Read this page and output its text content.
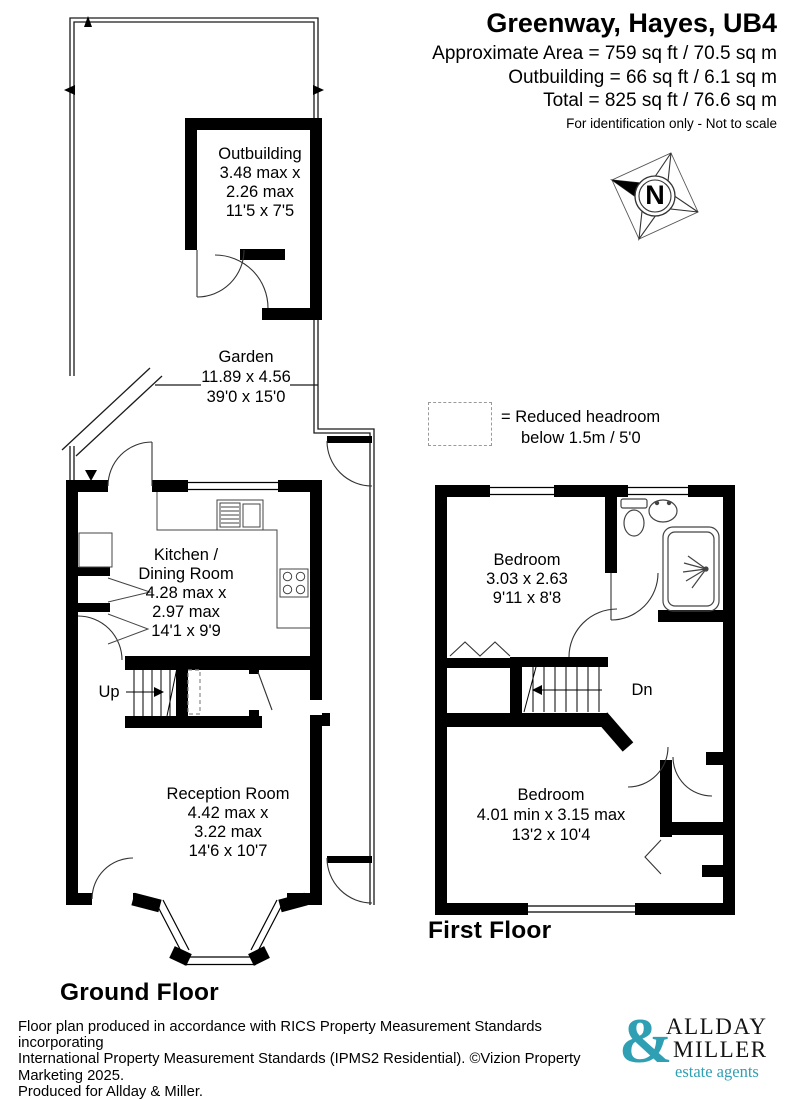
Greenway, Hayes, UB4
Approximate Area = 759 sq ft / 70.5 sq m
Outbuilding = 66 sq ft / 6.1 sq m
Total = 825 sq ft / 76.6 sq m
For identification only - Not to scale
N
= Reduced headroom
below 1.5m / 5'0
Outbuilding
3.48 max x
2.26 max
11'5 x 7'5
Garden
11.89 x 4.56
39'0 x 15'0
Kitchen /
Dining Room
4.28 max x
2.97 max
14'1 x 9'9
Reception Room
4.42 max x
3.22 max
14'6 x 10'7
Bedroom
3.03 x 2.63
9'11 x 8'8
Bedroom
4.01 min x 3.15 max
13'2 x 10'4
Up	Dn
Ground Floor
First Floor
Floor plan produced in accordance with RICS Property Measurement Standards incorporating
International Property Measurement Standards (IPMS2 Residential). ©Vizion Property Marketing 2025.
Produced for Allday & Miller.
&
ALLDAY
MILLER
estate agents
